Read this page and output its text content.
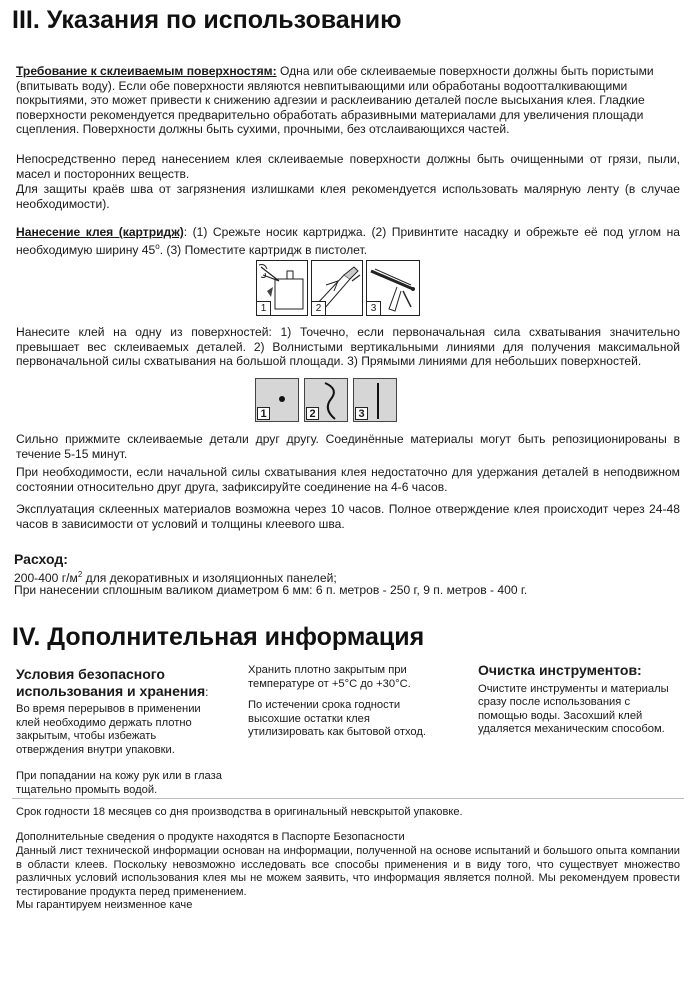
III. Указания по использованию

Требование к склеиваемым поверхностям: Одна или обе склеиваемые поверхности должны быть пористыми (впитывать воду). Если обе поверхности являются невпитывающими или обработаны водоотталкивающими покрытиями, это может привести к снижению адгезии и расклеиванию деталей после высыхания клея. Гладкие поверхности рекомендуется предварительно обработать абразивными материалами для увеличения площади сцепления. Поверхности должны быть сухими, прочными, без отслаивающихся частей.

Непосредственно перед нанесением клея склеиваемые поверхности должны быть очищенными от грязи, пыли, масел и посторонних веществ.

Для защиты краёв шва от загрязнения излишками клея рекомендуется использовать малярную ленту (в случае необходимости).

Нанесение клея (картридж): (1) Срежьте носик картриджа. (2) Привинтите насадку и обрежьте её под углом на необходимую ширину $45^о$. (3) Поместите картридж в пистолет.

1	2	3

Нанесите клей на одну из поверхностей: 1) Точечно, если первоначальная сила схватывания значительно превышает вес склеиваемых деталей. 2) Волнистыми вертикальными линиями для получения максимальной первоначальной силы схватывания на большой площади. 3) Прямыми линиями для небольших поверхностей.

1	2	3

Сильно прижмите склеиваемые детали друг другу. Соединённые материалы могут быть репозиционированы в течение 5-15 минут.

При необходимости, если начальной силы схватывания клея недостаточно для удержания деталей в неподвижном состоянии относительно друг друга, зафиксируйте соединение на 4-6 часов.

Эксплуатация склеенных материалов возможна через 10 часов. Полное отверждение клея происходит через 24-48 часов в зависимости от условий и толщины клеевого шва.

Расход:

200-400 $г/м^2$ для декоративных и изоляционных панелей;

При нанесении сплошным валиком диаметром 6 мм: 6 п. метров - 250 г, 9 п. метров - 400 г.

IV. Дополнительная информация

Условия безопасного использования и хранения:

Во время перерывов в применении клей необходимо держать плотно закрытым, чтобы избежать отверждения внутри упаковки.

При попадании на кожу рук или в глаза тщательно промыть водой.

Хранить плотно закрытым при температуре от +5°С до +30°С.

По истечении срока годности высохшие остатки клея утилизировать как бытовой отход.

Очистка инструментов:

Очистите инструменты и материалы сразу после использования с помощью воды. Засохший клей удаляется механическим способом.

Срок годности 18 месяцев со дня производства в оригинальный невскрытой упаковке.

Дополнительные сведения о продукте находятся в Паспорте Безопасности

Данный лист технической информации основан на информации, полученной на основе испытаний и большого опыта компании в области клеев. Поскольку невозможно исследовать все способы применения и в виду того, что существует множество различных условий использования клея мы не можем заявить, что информация является полной. Мы рекомендуем провести тестирование продукта перед применением.

Мы гарантируем неизменное каче
